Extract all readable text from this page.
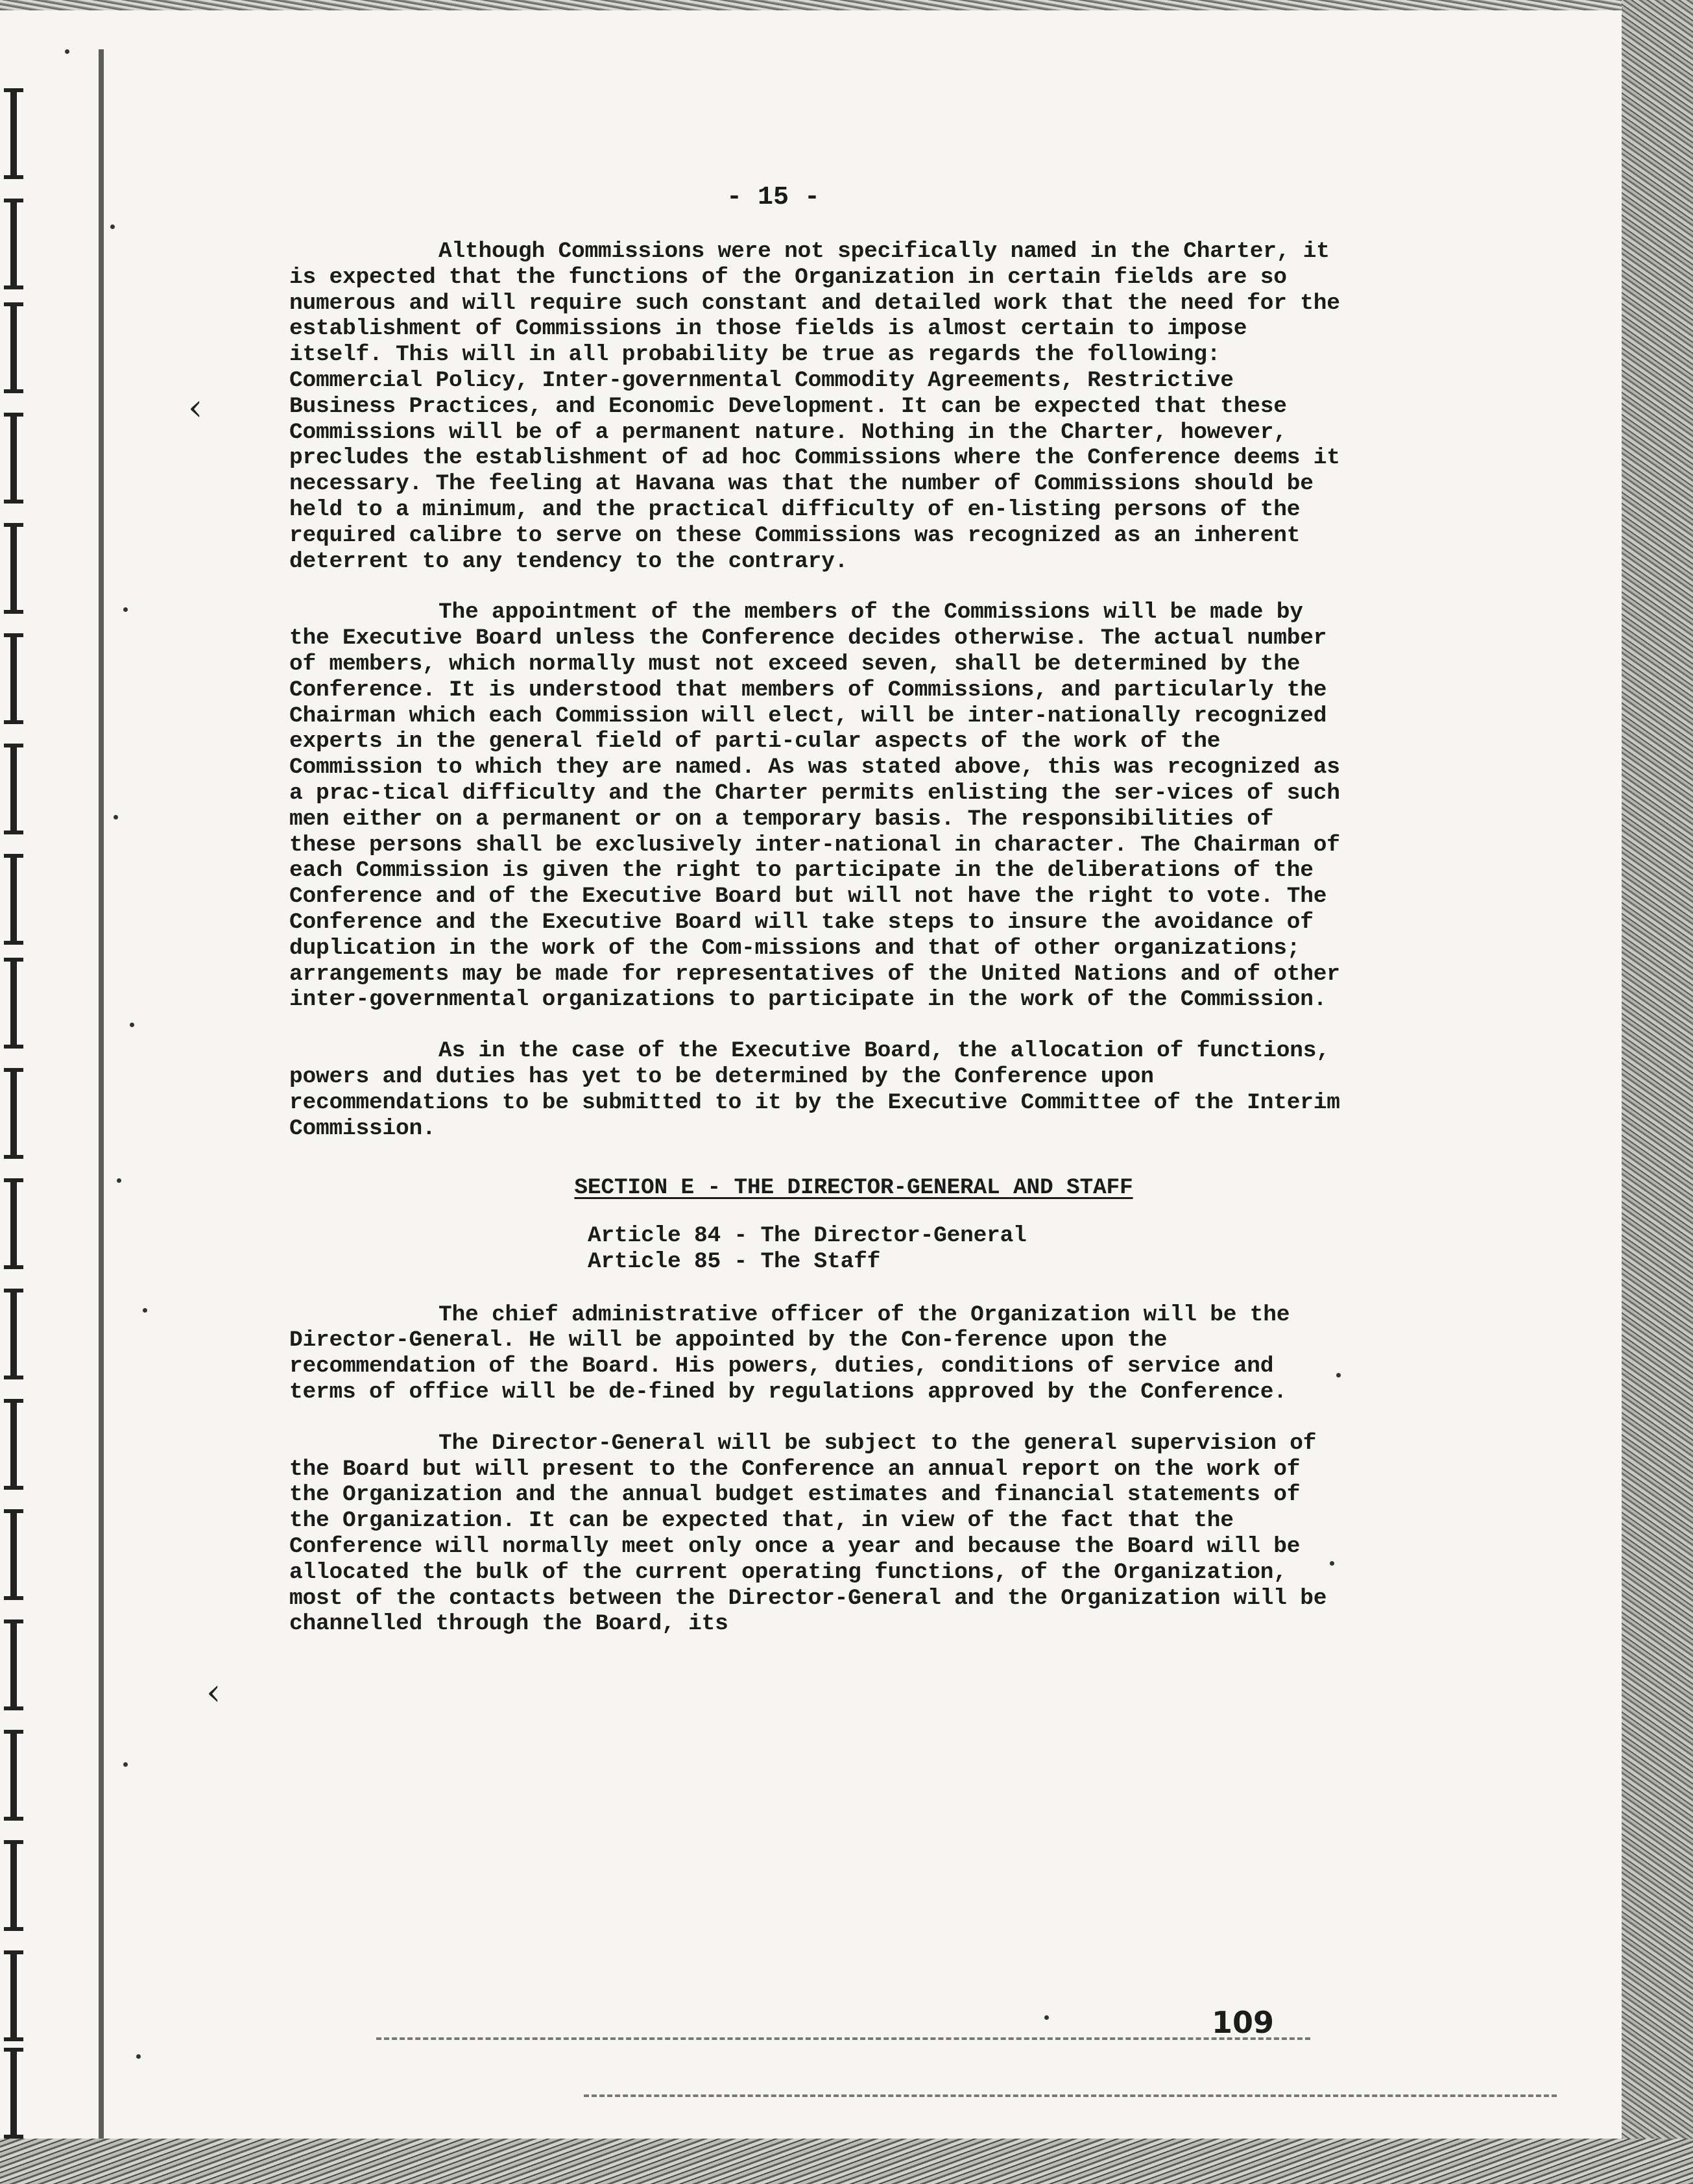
‹
‹
- 15 -

Although Commissions were not specifically named in the Charter, it is expected that the functions of the Organization in certain fields are so numerous and will require such constant and detailed work that the need for the establishment of Commissions in those fields is almost certain to impose itself. This will in all probability be true as regards the following: Commercial Policy, Inter-governmental Commodity Agreements, Restrictive Business Practices, and Economic Development. It can be expected that these Commissions will be of a permanent nature. Nothing in the Charter, however, precludes the establishment of ad hoc Commissions where the Conference deems it necessary. The feeling at Havana was that the number of Commissions should be held to a minimum, and the practical difficulty of en-listing persons of the required calibre to serve on these Commissions was recognized as an inherent deterrent to any tendency to the contrary.

The appointment of the members of the Commissions will be made by the Executive Board unless the Conference decides otherwise. The actual number of members, which normally must not exceed seven, shall be determined by the Conference. It is understood that members of Commissions, and particularly the Chairman which each Commission will elect, will be inter-nationally recognized experts in the general field of parti-cular aspects of the work of the Commission to which they are named. As was stated above, this was recognized as a prac-tical difficulty and the Charter permits enlisting the ser-vices of such men either on a permanent or on a temporary basis. The responsibilities of these persons shall be exclusively inter-national in character. The Chairman of each Commission is given the right to participate in the deliberations of the Conference and of the Executive Board but will not have the right to vote. The Conference and the Executive Board will take steps to insure the avoidance of duplication in the work of the Com-missions and that of other organizations; arrangements may be made for representatives of the United Nations and of other inter-governmental organizations to participate in the work of the Commission.

As in the case of the Executive Board, the allocation of functions, powers and duties has yet to be determined by the Conference upon recommendations to be submitted to it by the Executive Committee of the Interim Commission.

SECTION E - THE DIRECTOR-GENERAL AND STAFF
Article 84 - The Director-General
Article 85 - The Staff

The chief administrative officer of the Organization will be the Director-General. He will be appointed by the Con-ference upon the recommendation of the Board. His powers, duties, conditions of service and terms of office will be de-fined by regulations approved by the Conference.

The Director-General will be subject to the general supervision of the Board but will present to the Conference an annual report on the work of the Organization and the annual budget estimates and financial statements of the Organization. It can be expected that, in view of the fact that the Conference will normally meet only once a year and because the Board will be allocated the bulk of the current operating functions, of the Organization, most of the contacts between the Director-General and the Organization will be channelled through the Board, its

109
